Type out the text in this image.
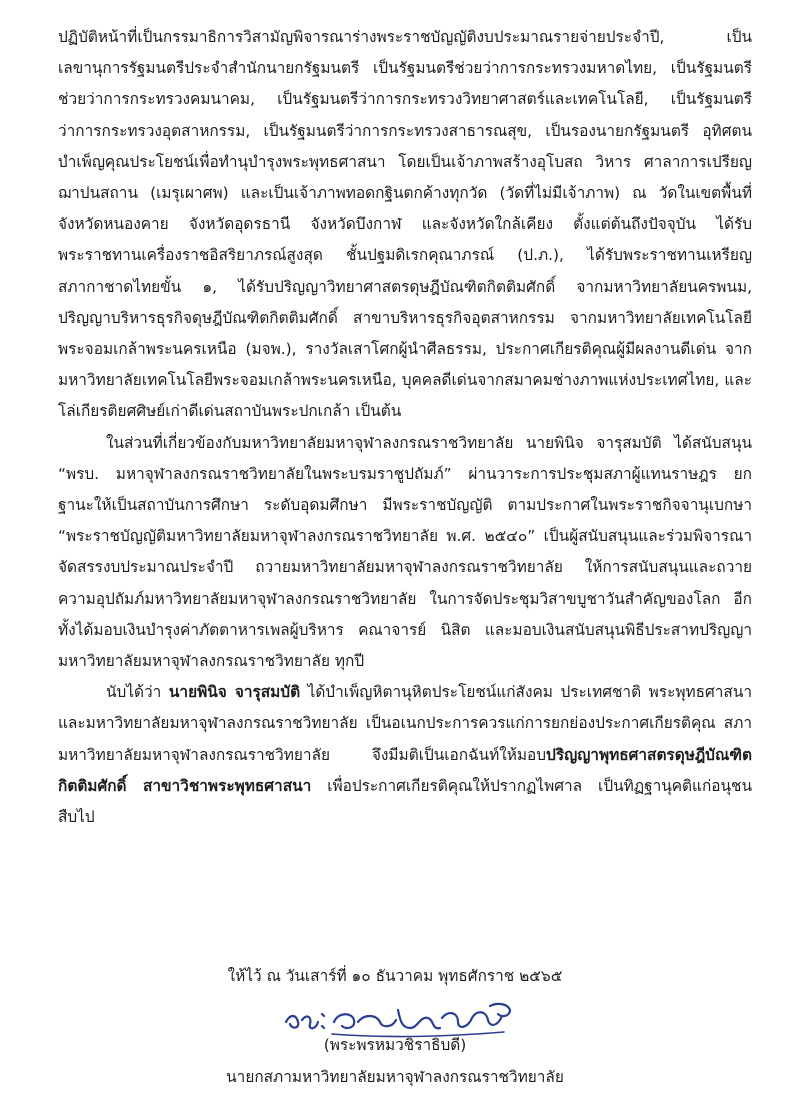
ปฏิบัติหน้าที่เป็นกรรมาธิการวิสามัญพิจารณาร่างพระราชบัญญัติงบประมาณรายจ่ายประจำปี, เป็นเลขานุการรัฐมนตรีประจำสำนักนายกรัฐมนตรี เป็นรัฐมนตรีช่วยว่าการกระทรวงมหาดไทย, เป็นรัฐมนตรีช่วยว่าการกระทรวงคมนาคม, เป็นรัฐมนตรีว่าการกระทรวงวิทยาศาสตร์และเทคโนโลยี, เป็นรัฐมนตรีว่าการกระทรวงอุตสาหกรรม, เป็นรัฐมนตรีว่าการกระทรวงสาธารณสุข, เป็นรองนายกรัฐมนตรี อุทิศตนบำเพ็ญคุณประโยชน์เพื่อทำนุบำรุงพระพุทธศาสนา โดยเป็นเจ้าภาพสร้างอุโบสถ วิหาร ศาลาการเปรียญ ฌาปนสถาน (เมรุเผาศพ) และเป็นเจ้าภาพทอดกฐินตกค้างทุกวัด (วัดที่ไม่มีเจ้าภาพ) ณ วัดในเขตพื้นที่จังหวัดหนองคาย จังหวัดอุดรธานี จังหวัดบึงกาฬ และจังหวัดใกล้เคียง ตั้งแต่ต้นถึงปัจจุบัน ได้รับพระราชทานเครื่องราชอิสริยาภรณ์สูงสุด ชั้นปฐมดิเรกคุณาภรณ์ (ป.ภ.), ได้รับพระราชทานเหรียญสภากาชาดไทยขั้น ๑, ได้รับปริญญาวิทยาศาสตรดุษฎีบัณฑิตกิตติมศักดิ์ จากมหาวิทยาลัยนครพนม, ปริญญาบริหารธุรกิจดุษฎีบัณฑิตกิตติมศักดิ์ สาขาบริหารธุรกิจอุตสาหกรรม จากมหาวิทยาลัยเทคโนโลยีพระจอมเกล้าพระนครเหนือ (มจพ.), รางวัลเสาโศกผู้นำศีลธรรม, ประกาศเกียรติคุณผู้มีผลงานดีเด่น จากมหาวิทยาลัยเทคโนโลยีพระจอมเกล้าพระนครเหนือ, บุคคลดีเด่นจากสมาคมช่างภาพแห่งประเทศไทย, และโล่เกียรติยศศิษย์เก่าดีเด่นสถาบันพระปกเกล้า เป็นต้น

ในส่วนที่เกี่ยวข้องกับมหาวิทยาลัยมหาจุฬาลงกรณราชวิทยาลัย นายพินิจ จารุสมบัติ ได้สนับสนุน “พรบ. มหาจุฬาลงกรณราชวิทยาลัยในพระบรมราชูปถัมภ์” ผ่านวาระการประชุมสภาผู้แทนราษฎร ยกฐานะให้เป็นสถาบันการศึกษา ระดับอุดมศึกษา มีพระราชบัญญัติ ตามประกาศในพระราชกิจจานุเบกษา “พระราชบัญญัติมหาวิทยาลัยมหาจุฬาลงกรณราชวิทยาลัย พ.ศ. ๒๕๔๐” เป็นผู้สนับสนุนและร่วมพิจารณาจัดสรรงบประมาณประจำปี ถวายมหาวิทยาลัยมหาจุฬาลงกรณราชวิทยาลัย ให้การสนับสนุนและถวายความอุปถัมภ์มหาวิทยาลัยมหาจุฬาลงกรณราชวิทยาลัย ในการจัดประชุมวิสาขบูชาวันสำคัญของโลก อีกทั้งได้มอบเงินบำรุงค่าภัตตาหารเพลผู้บริหาร คณาจารย์ นิสิต และมอบเงินสนับสนุนพิธีประสาทปริญญา มหาวิทยาลัยมหาจุฬาลงกรณราชวิทยาลัย ทุกปี

นับได้ว่า นายพินิจ จารุสมบัติ ได้บำเพ็ญหิตานุหิตประโยชน์แก่สังคม ประเทศชาติ พระพุทธศาสนา และมหาวิทยาลัยมหาจุฬาลงกรณราชวิทยาลัย เป็นอเนกประการควรแก่การยกย่องประกาศเกียรติคุณ สภามหาวิทยาลัยมหาจุฬาลงกรณราชวิทยาลัย จึงมีมติเป็นเอกฉันท์ให้มอบปริญญาพุทธศาสตรดุษฎีบัณฑิตกิตติมศักดิ์ สาขาวิชาพระพุทธศาสนา เพื่อประกาศเกียรติคุณให้ปรากฏไพศาล เป็นทิฏฐานุคติแก่อนุชนสืบไป

ให้ไว้ ณ วันเสาร์ที่ ๑๐ ธันวาคม พุทธศักราช ๒๕๖๕
(พระพรหมวชิราธิบดี)
นายกสภามหาวิทยาลัยมหาจุฬาลงกรณราชวิทยาลัย
